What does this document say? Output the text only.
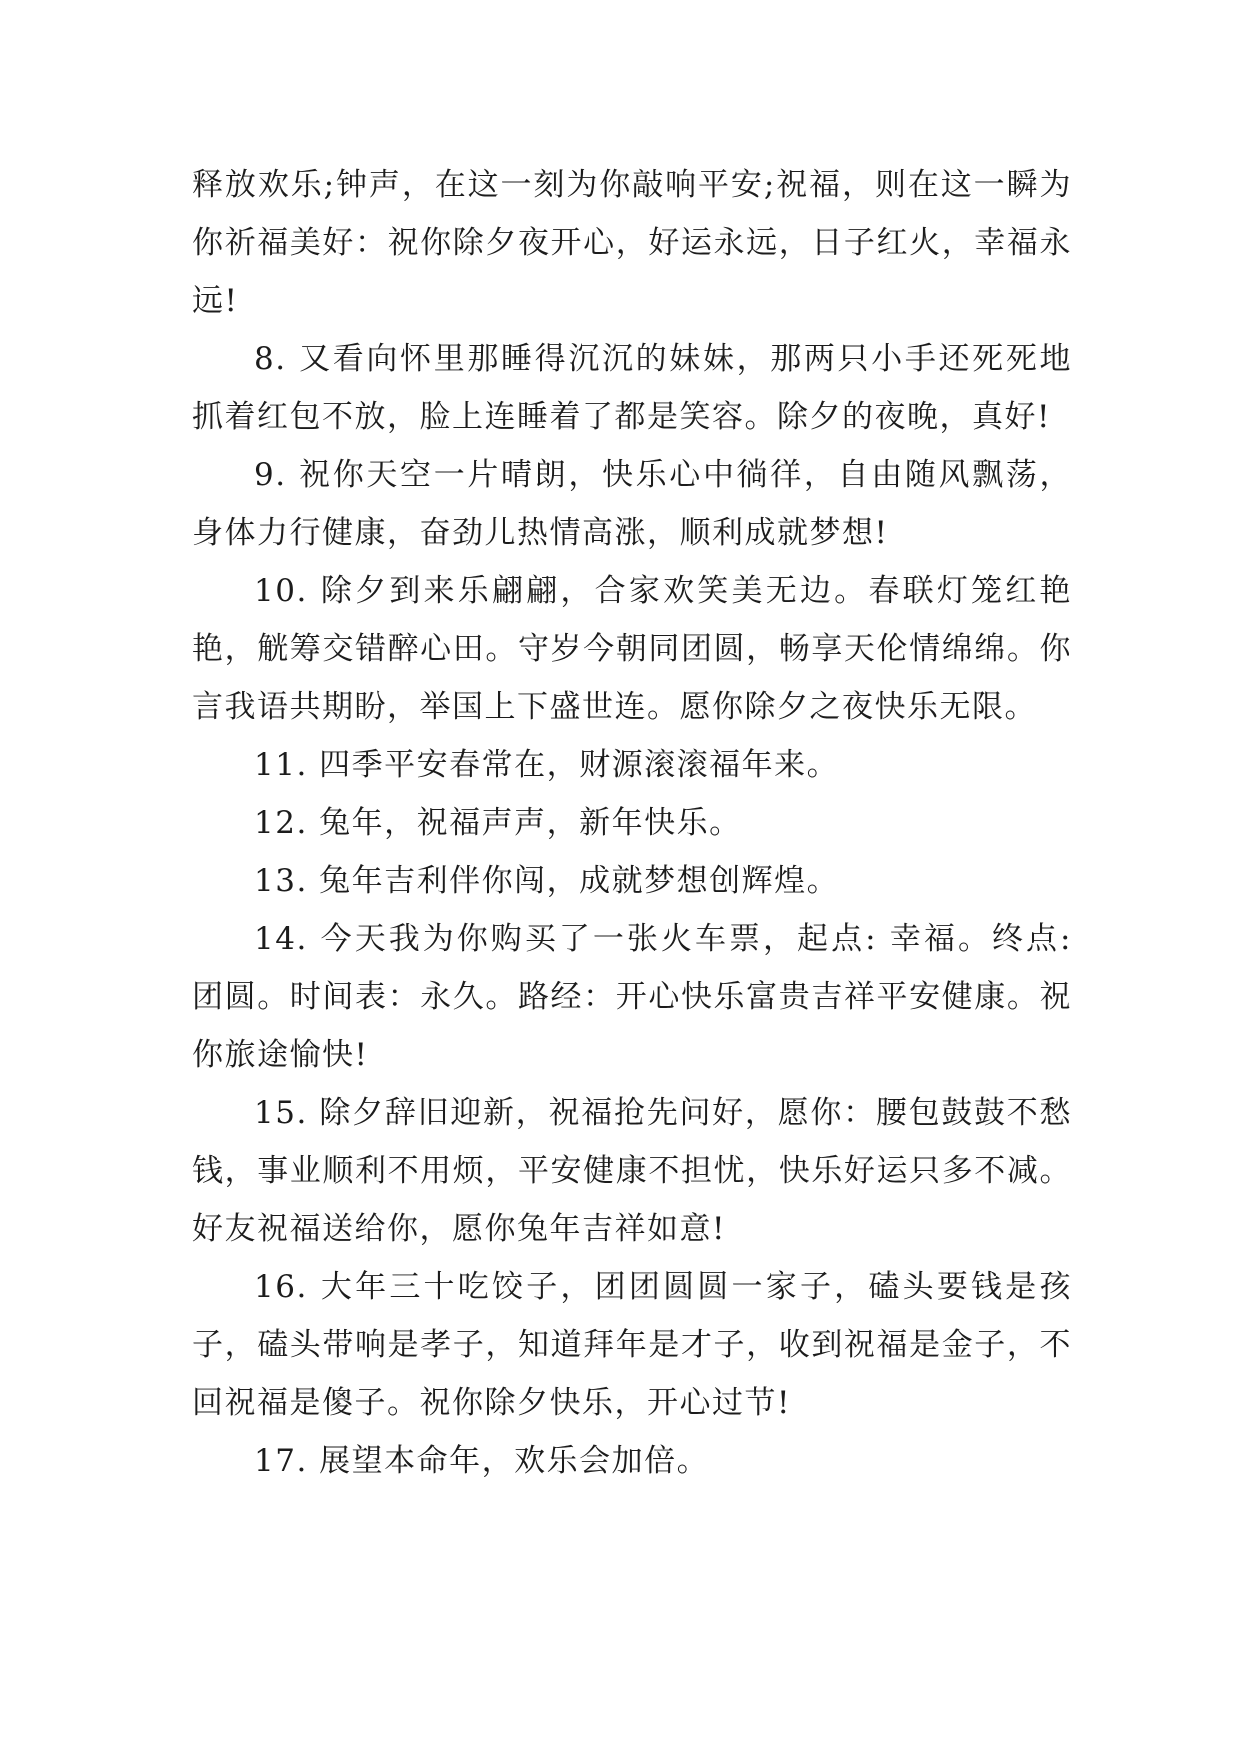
释放欢乐;钟声，在这一刻为你敲响平安;祝福，则在这一瞬为你祈福美好：祝你除夕夜开心，好运永远，日子红火，幸福永远!

8. 又看向怀里那睡得沉沉的妹妹，那两只小手还死死地抓着红包不放，脸上连睡着了都是笑容。除夕的夜晚，真好!

9. 祝你天空一片晴朗，快乐心中徜徉，自由随风飘荡，身体力行健康，奋劲儿热情高涨，顺利成就梦想!

10. 除夕到来乐翩翩，合家欢笑美无边。春联灯笼红艳艳，觥筹交错醉心田。守岁今朝同团圆，畅享天伦情绵绵。你言我语共期盼，举国上下盛世连。愿你除夕之夜快乐无限。

11. 四季平安春常在，财源滚滚福年来。

12. 兔年，祝福声声，新年快乐。

13. 兔年吉利伴你闯，成就梦想创辉煌。

14. 今天我为你购买了一张火车票，起点: 幸福。终点: 团圆。时间表：永久。路经：开心快乐富贵吉祥平安健康。祝你旅途愉快!

15. 除夕辞旧迎新，祝福抢先问好，愿你：腰包鼓鼓不愁钱，事业顺利不用烦，平安健康不担忧，快乐好运只多不减。好友祝福送给你，愿你兔年吉祥如意!

16. 大年三十吃饺子，团团圆圆一家子，磕头要钱是孩子，磕头带响是孝子，知道拜年是才子，收到祝福是金子，不回祝福是傻子。祝你除夕快乐，开心过节!

17. 展望本命年，欢乐会加倍。
